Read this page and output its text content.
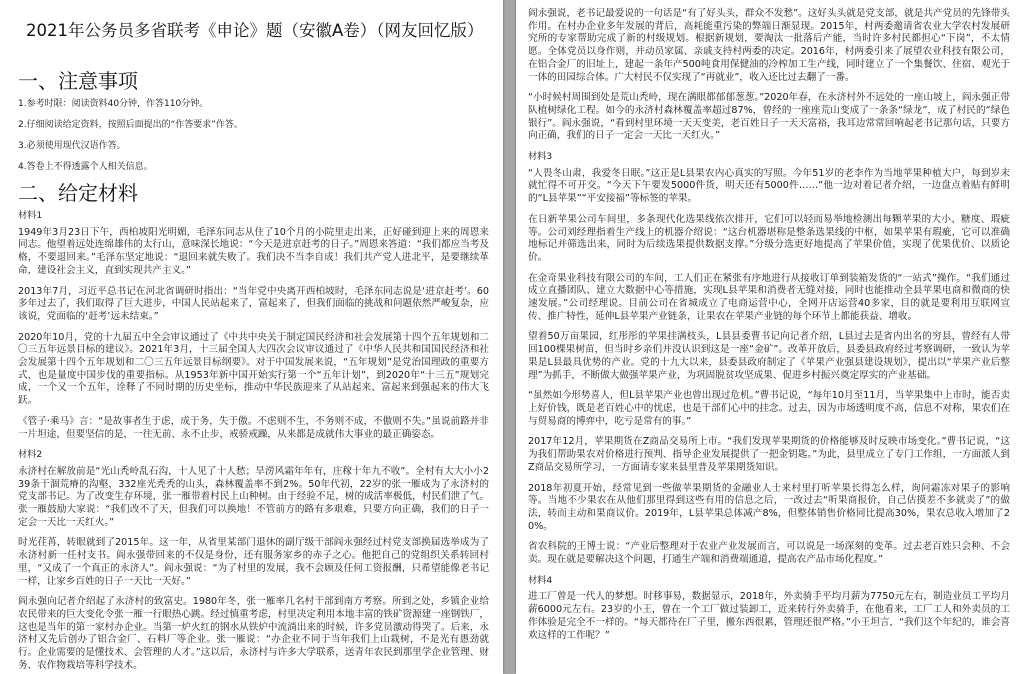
2021年公务员多省联考《申论》题（安徽A卷）（网友回忆版）
一、注意事项
1.参考时限：阅读资料40分钟，作答110分钟。
2.仔细阅读给定资料，按照后面提出的“作答要求”作答。
3.必须使用现代汉语作答。
4.答卷上不得透露个人相关信息。
二、给定材料
材料1

1949年3月23日下午，西柏坡阳光明媚，毛泽东同志从住了10个月的小院里走出来，正好碰到迎上来的周恩来同志。他望着远处连绵雄伟的太行山，意味深长地说：“今天是进京赶考的日子。”周恩来答道：“我们都应当考及格，不要退回来。”毛泽东坚定地说：“退回来就失败了。我们决不当李自成！我们共产党人进北平，是要继续革命，建设社会主义，直到实现共产主义。”

2013年7月，习近平总书记在河北省调研时指出：“当年党中央离开西柏坡时，毛泽东同志说是‘进京赶考’。60多年过去了，我们取得了巨大进步，中国人民站起来了，富起来了，但我们面临的挑战和问题依然严峻复杂，应该说，党面临的‘赶考’远未结束。”

2020年10月，党的十九届五中全会审议通过了《中共中央关于制定国民经济和社会发展第十四个五年规划和二〇三五年远景目标的建议》。2021年3月，十三届全国人大四次会议审议通过了《中华人民共和国国民经济和社会发展第十四个五年规划和二〇三五年远景目标纲要》。对于中国发展来说，“五年规划”是党治国理政的重要方式，也是量度中国步伐的重要指标。从1953年新中国开始实行第一个“五年计划”，到2020年“十三五”规划完成，一个又一个五年，诠释了不同时期的历史坐标，推动中华民族迎来了从站起来、富起来到强起来的伟大飞跃。

《管子·乘马》言：“是故事者生于虑，成于务，失于傲。不虑则不生，不务则不成，不傲则不失。”虽说前路并非一片坦途，但要坚信的是，一往无前、永不止步，戒骄戒躁，从来都是成就伟大事业的最正确姿态。

材料2

永济村在解放前是“光山秃岭乱石沟，十人见了十人愁；旱涝风霜年年有，庄稼十年九不收”。全村有大大小小239条干涸荒瘠的沟壑，332座光秃秃的山头，森林覆盖率不到2%。50年代初，22岁的张一雁成为了永济村的党支部书记。为了改变生存环境，张一雁带着村民上山种树。由于经验不足，树的成活率极低，村民们泄了气。张一雁鼓励大家说：“我们改不了天，但我们可以换地！不管前方的路有多艰难，只要方向正确，我们的日子一定会一天比一天红火。”

时光荏苒，转眼就到了2015年。这一年，从省里某部门退休的副厅级干部阎永强经过村党支部换届选举成为了永济村新一任村支书。阎永强带回来的不仅是身份，还有服务家乡的赤子之心。他把自己的党组织关系转回村里，“又成了一个真正的永济人”。阎永强说：“为了村里的发展，我不会顾及任何工资报酬，只希望能像老书记一样，让家乡百姓的日子一天比一天好。”

阎永强向记者介绍起了永济村的致富史。1980年冬，张一雁率几名村干部到南方考察。所到之处，乡镇企业给农民带来的巨大变化令张一雁一行眼热心跳。经过慎重考虑，村里决定利用本地丰富的铁矿资源建一座钢铁厂，这也是当年的第一家村办企业。当第一炉火红的钢水从铁炉中流淌出来的时候，许多党员激动得哭了。后来，永济村又先后创办了铝合金厂、石料厂等企业。张一雁说：“办企业不同于当年我们上山栽树，不是光有愚劲就行。企业需要的是懂技术、会管理的人才。”这以后，永济村与许多大学联系，送青年农民到那里学企业管理、财务、农作物栽培等科学技术。

阎永强说，老书记最爱说的一句话是“有了好头头，群众不发愁”。这好头头就是党支部，就是共产党员的先锋带头作用。在村办企业多年发展的背后，高耗能重污染的弊端日渐显现。2015年，村两委邀请省农业大学农村发展研究所的专家帮助完成了新的村级规划。根据新规划，要淘汰一批落后产能，当时许多村民都担心“下岗”，不太情愿。全体党员以身作则，并动员家属、亲戚支持村两委的决定。2016年，村两委引来了展望农业科技有限公司，在铝合金厂的旧址上，建起一条年产500吨食用保健油的冷榨加工生产线，同时建立了一个集餐饮、住宿、观光于一体的田园综合体。广大村民不仅实现了“再就业”，收入还比过去翻了一番。

“小时候村周围到处是荒山秃岭，现在满眼都郁郁葱葱。”2020年春，在永济村外不远处的一座山坡上，阎永强正带队植树绿化工程。如今的永济村森林覆盖率超过87%，曾经的一座座荒山变成了一条条“绿龙”，成了村民的“绿色银行”。阎永强说，“看到村里环境一天天变美，老百姓日子一天天富裕，我耳边常常回响起老书记那句话，只要方向正确，我们的日子一定会一天比一天红火。”

材料3

“人畏冬山肃，我爱冬日眠。”这正是L县果农内心真实的写照。今年51岁的老李作为当地苹果种植大户，每到岁末就忙得不可开交。“今天下午要发5000件货，明天还有5000件……”他一边对着记者介绍，一边盘点着贴有鲜明的“L县苹果”“平安接福”等标签的苹果。

在日新苹果公司车间里，多条现代化选果线依次排开，它们可以轻而易举地检测出每颗苹果的大小、糖度、瑕疵等。公司刘经理指着生产线上的机器介绍说：“这台机器堪称是整条选果线的中枢，如果苹果有瑕疵，它可以准确地标记并筛选出来，同时为后续选果提供数据支撑。”分级分选更好地提高了苹果价值，实现了优果优价、以质论价。

在金奇果业科技有限公司的车间，工人们正在紧张有序地进行从接收订单到装箱发货的“一站式”操作。“我们通过成立直播团队、建立大数据中心等措施，实现L县苹果和消费者无缝对接，同时也能推动全县苹果电商和微商的快速发展。”公司经理说。目前公司在省城成立了电商运营中心，全网开店运营40多家，目的就是要利用互联网宣传、推广特性，延伸L县苹果产业链条，让果农在苹果产业链的每个环节上都能获益、增收。

望着50万亩果园，红彤彤的苹果挂满枝头，L县县委曹书记向记者介绍，L县过去是省内出名的穷县，曾经有人带回100棵果树苗，但当时乡亲们并没认识到这是一座“金矿”。改革开放后，县委县政府经过考察调研，一致认为苹果是L县最具优势的产业。党的十九大以来，县委县政府制定了《苹果产业强县建设规划》，提出以“苹果产业后整理”为抓手，不断做大做强苹果产业，为巩固脱贫攻坚成果、促进乡村振兴奠定厚实的产业基础。

“虽然如今形势喜人，但L县苹果产业也曾出现过危机。”曹书记说，“每年10月至11月，当苹果集中上市时，能否卖上好价钱，既是老百姓心中的忧虑，也是干部们心中的挂念。过去，因为市场透明度不高，信息不对称，果农们在与贸易商的博弈中，吃亏是常有的事。”

2017年12月，苹果期货在Z商品交易所上市。“我们发现苹果期货的价格能够及时反映市场变化。”曹书记说，“这为我们帮助果农对价格进行预判、指导企业发展提供了一把金钥匙。”为此，县里成立了专门工作组，一方面派人到Z商品交易所学习，一方面请专家来县里普及苹果期货知识。

2018年初夏开始，经常见到一些做苹果期货的金融业人士来村里打听苹果长得怎么样，询问霜冻对果子的影响等。当地不少果农在从他们那里得到这些有用的信息之后，一改过去“听果商报价，自己估摸差不多就卖了”的做法，转而主动和果商议价。2019年，L县苹果总体减产8%，但整体销售价格同比提高30%，果农总收入增加了20%。

省农科院的王博士说：“产业后整理对于农业产业发展而言，可以说是一场深刻的变革。过去老百姓只会种、不会卖。现在就是要解决这个问题，打通生产端和消费端通道，提高农产品市场化程度。”

材料4

进工厂曾是一代人的梦想。时移事易，数据显示，2018年，外卖骑手平均月薪为7750元左右，制造业员工平均月薪6000元左右。23岁的小王，曾在一个工厂做过装卸工，近来转行外卖骑手，在他看来，工厂工人和外卖员的工作体验是完全不一样的。“每天都待在厂子里，搬东西很累，管理还很严格。”小王坦言，“我们这个年纪的，谁会喜欢这样的工作呢？”
